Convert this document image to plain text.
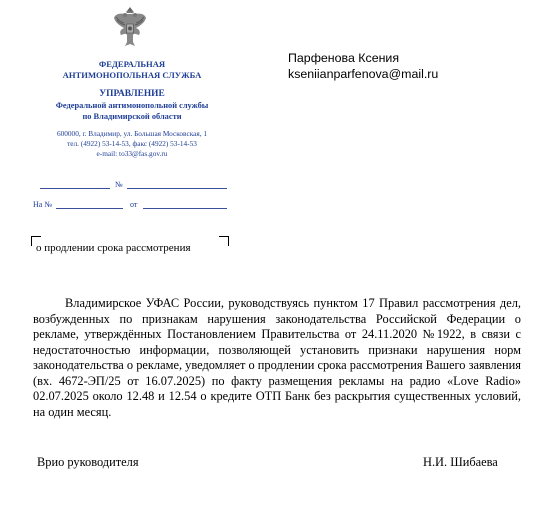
ФЕДЕРАЛЬНАЯ
АНТИМОНОПОЛЬНАЯ СЛУЖБА
УПРАВЛЕНИЕ
Федеральной антимонопольной службы
по Владимирской области
600000, г. Владимир, ул. Большая Московская, 1
тел. (4922) 53-14-53, факс (4922) 53-14-53
e-mail: to33@fas.gov.ru
№
На №	от
Парфенова Ксения
kseniianparfenova@mail.ru
о продлении срока рассмотрения

Владимирское УФАС России, руководствуясь пунктом 17 Правил рассмотрения дел, возбужденных по признакам нарушения законодательства Российской Федерации о рекламе, утверждённых Постановлением Правительства от 24.11.2020 №1922, в связи с недостаточностью информации, позволяющей установить признаки нарушения норм законодательства о рекламе, уведомляет о продлении срока рассмотрения Вашего заявления (вх. 4672-ЭП/25 от 16.07.2025) по факту размещения рекламы на радио «Love Radio» 02.07.2025 около 12.48 и 12.54 о кредите ОТП Банк без раскрытия существенных условий, на один месяц.

Врио руководителя	Н.И. Шибаева
